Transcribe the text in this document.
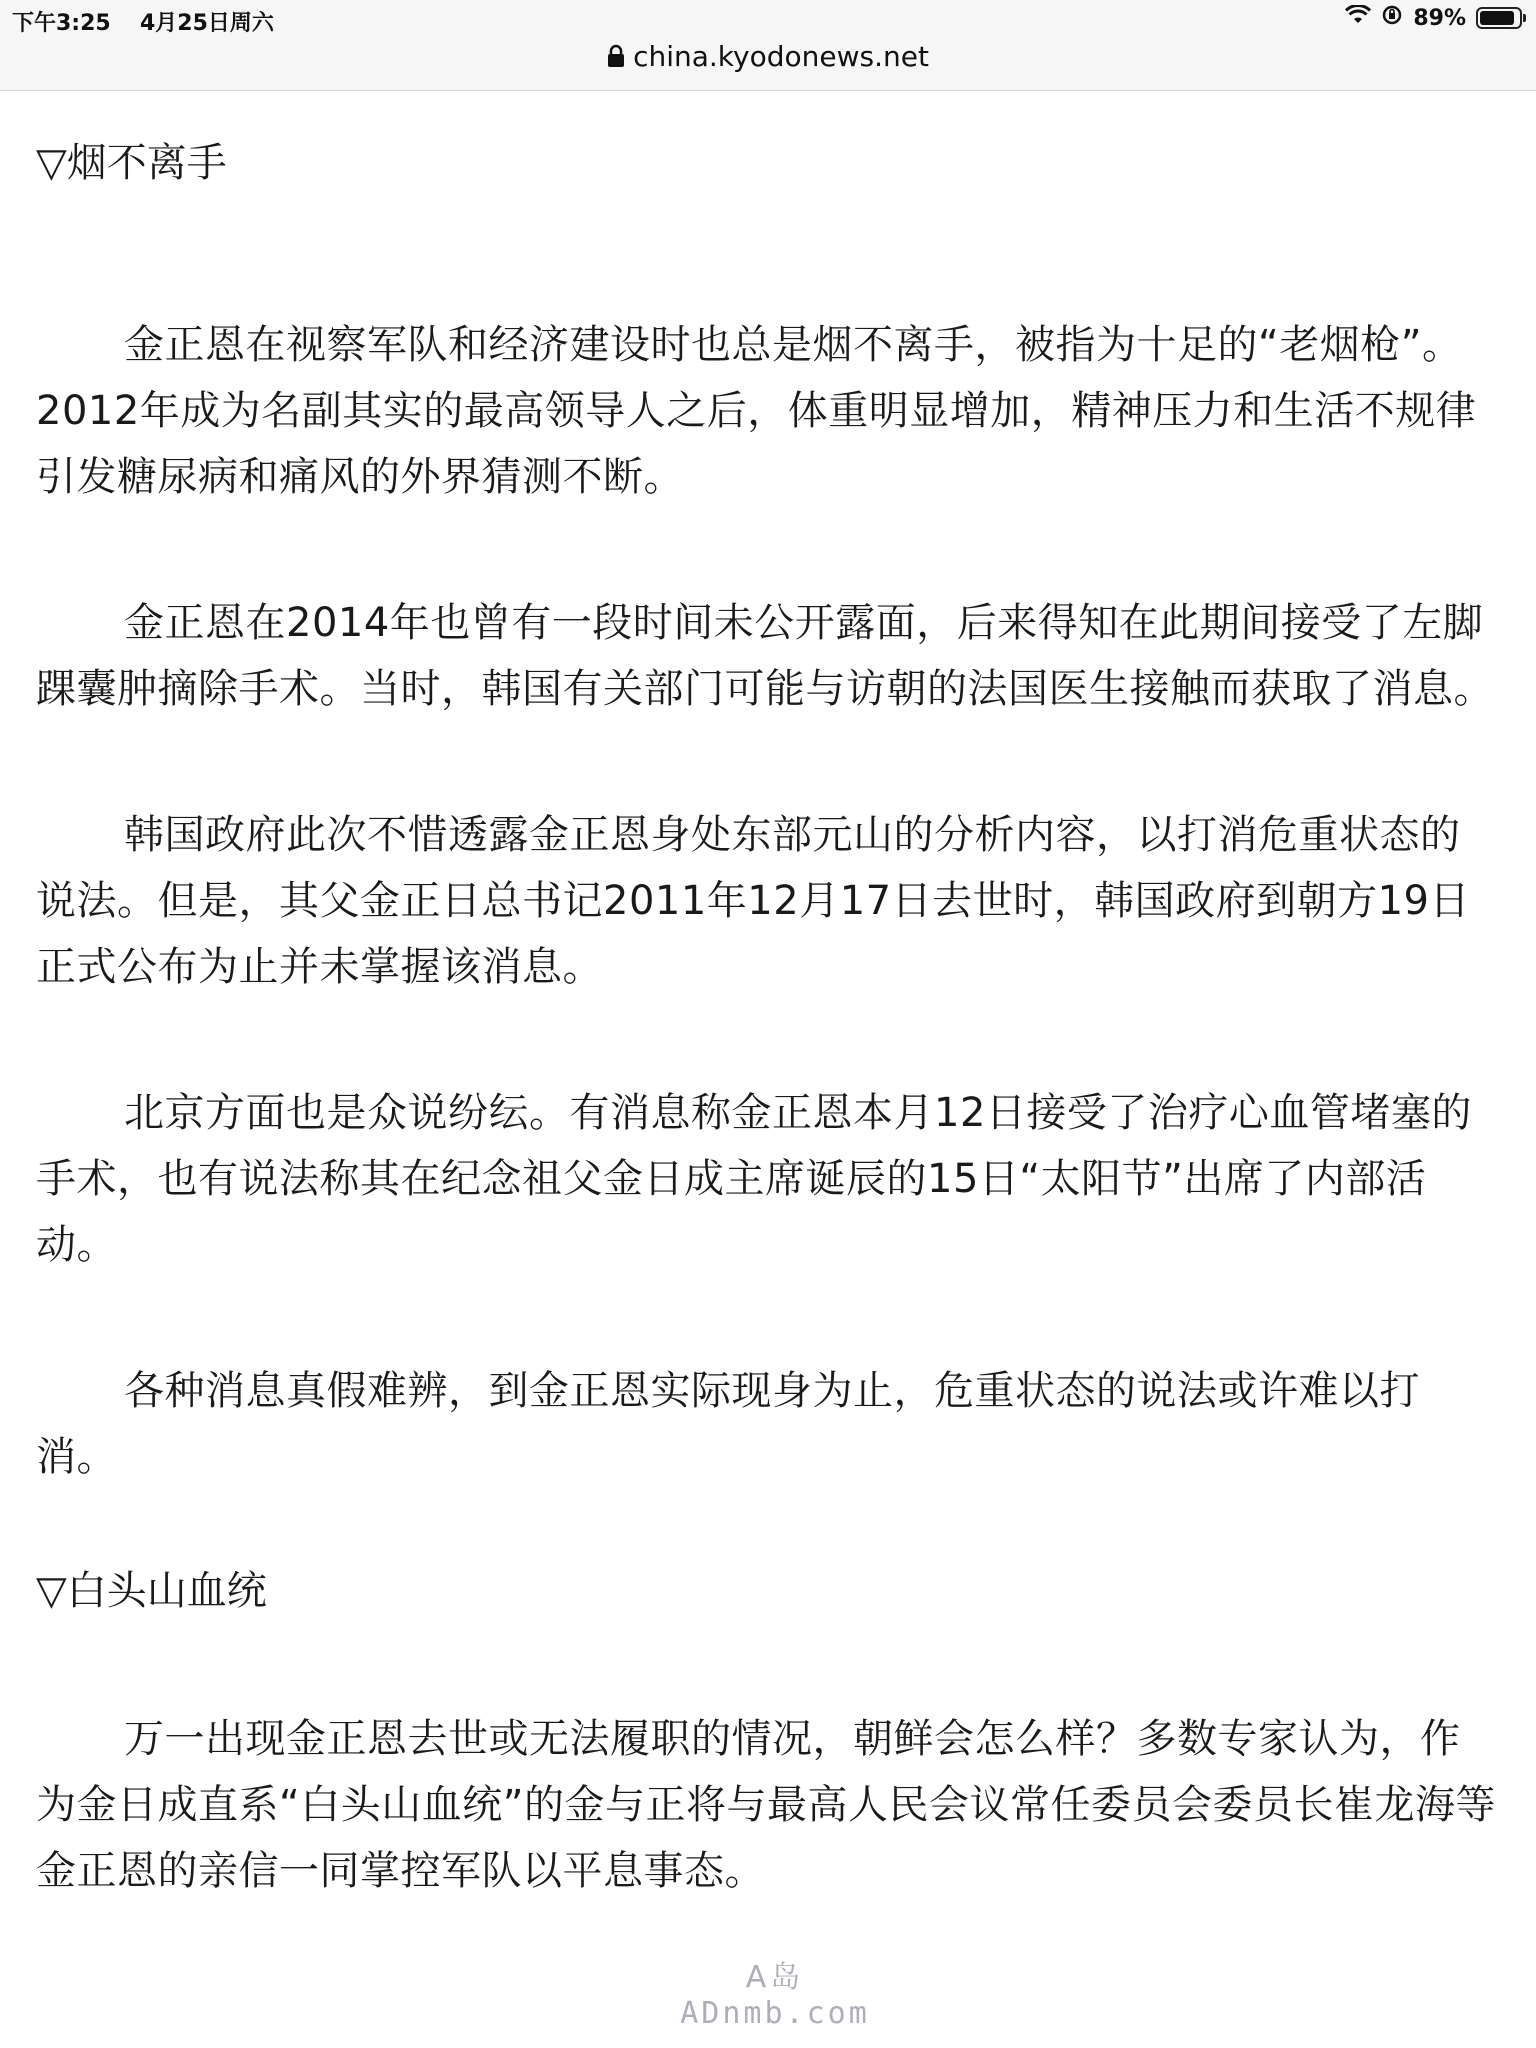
下午3:25 4月25日周六	89%
china.kyodonews.net
▽烟不离手

金正恩在视察军队和经济建设时也总是烟不离手，被指为十足的“老烟枪”。2012年成为名副其实的最高领导人之后，体重明显增加，精神压力和生活不规律引发糖尿病和痛风的外界猜测不断。

金正恩在2014年也曾有一段时间未公开露面，后来得知在此期间接受了左脚踝囊肿摘除手术。当时，韩国有关部门可能与访朝的法国医生接触而获取了消息。

韩国政府此次不惜透露金正恩身处东部元山的分析内容，以打消危重状态的说法。但是，其父金正日总书记2011年12月17日去世时，韩国政府到朝方19日正式公布为止并未掌握该消息。

北京方面也是众说纷纭。有消息称金正恩本月12日接受了治疗心血管堵塞的手术，也有说法称其在纪念祖父金日成主席诞辰的15日“太阳节”出席了内部活动。

各种消息真假难辨，到金正恩实际现身为止，危重状态的说法或许难以打消。

▽白头山血统

万一出现金正恩去世或无法履职的情况，朝鲜会怎么样？多数专家认为，作为金日成直系“白头山血统”的金与正将与最高人民会议常任委员会委员长崔龙海等金正恩的亲信一同掌控军队以平息事态。

A岛
ADnmb.com
